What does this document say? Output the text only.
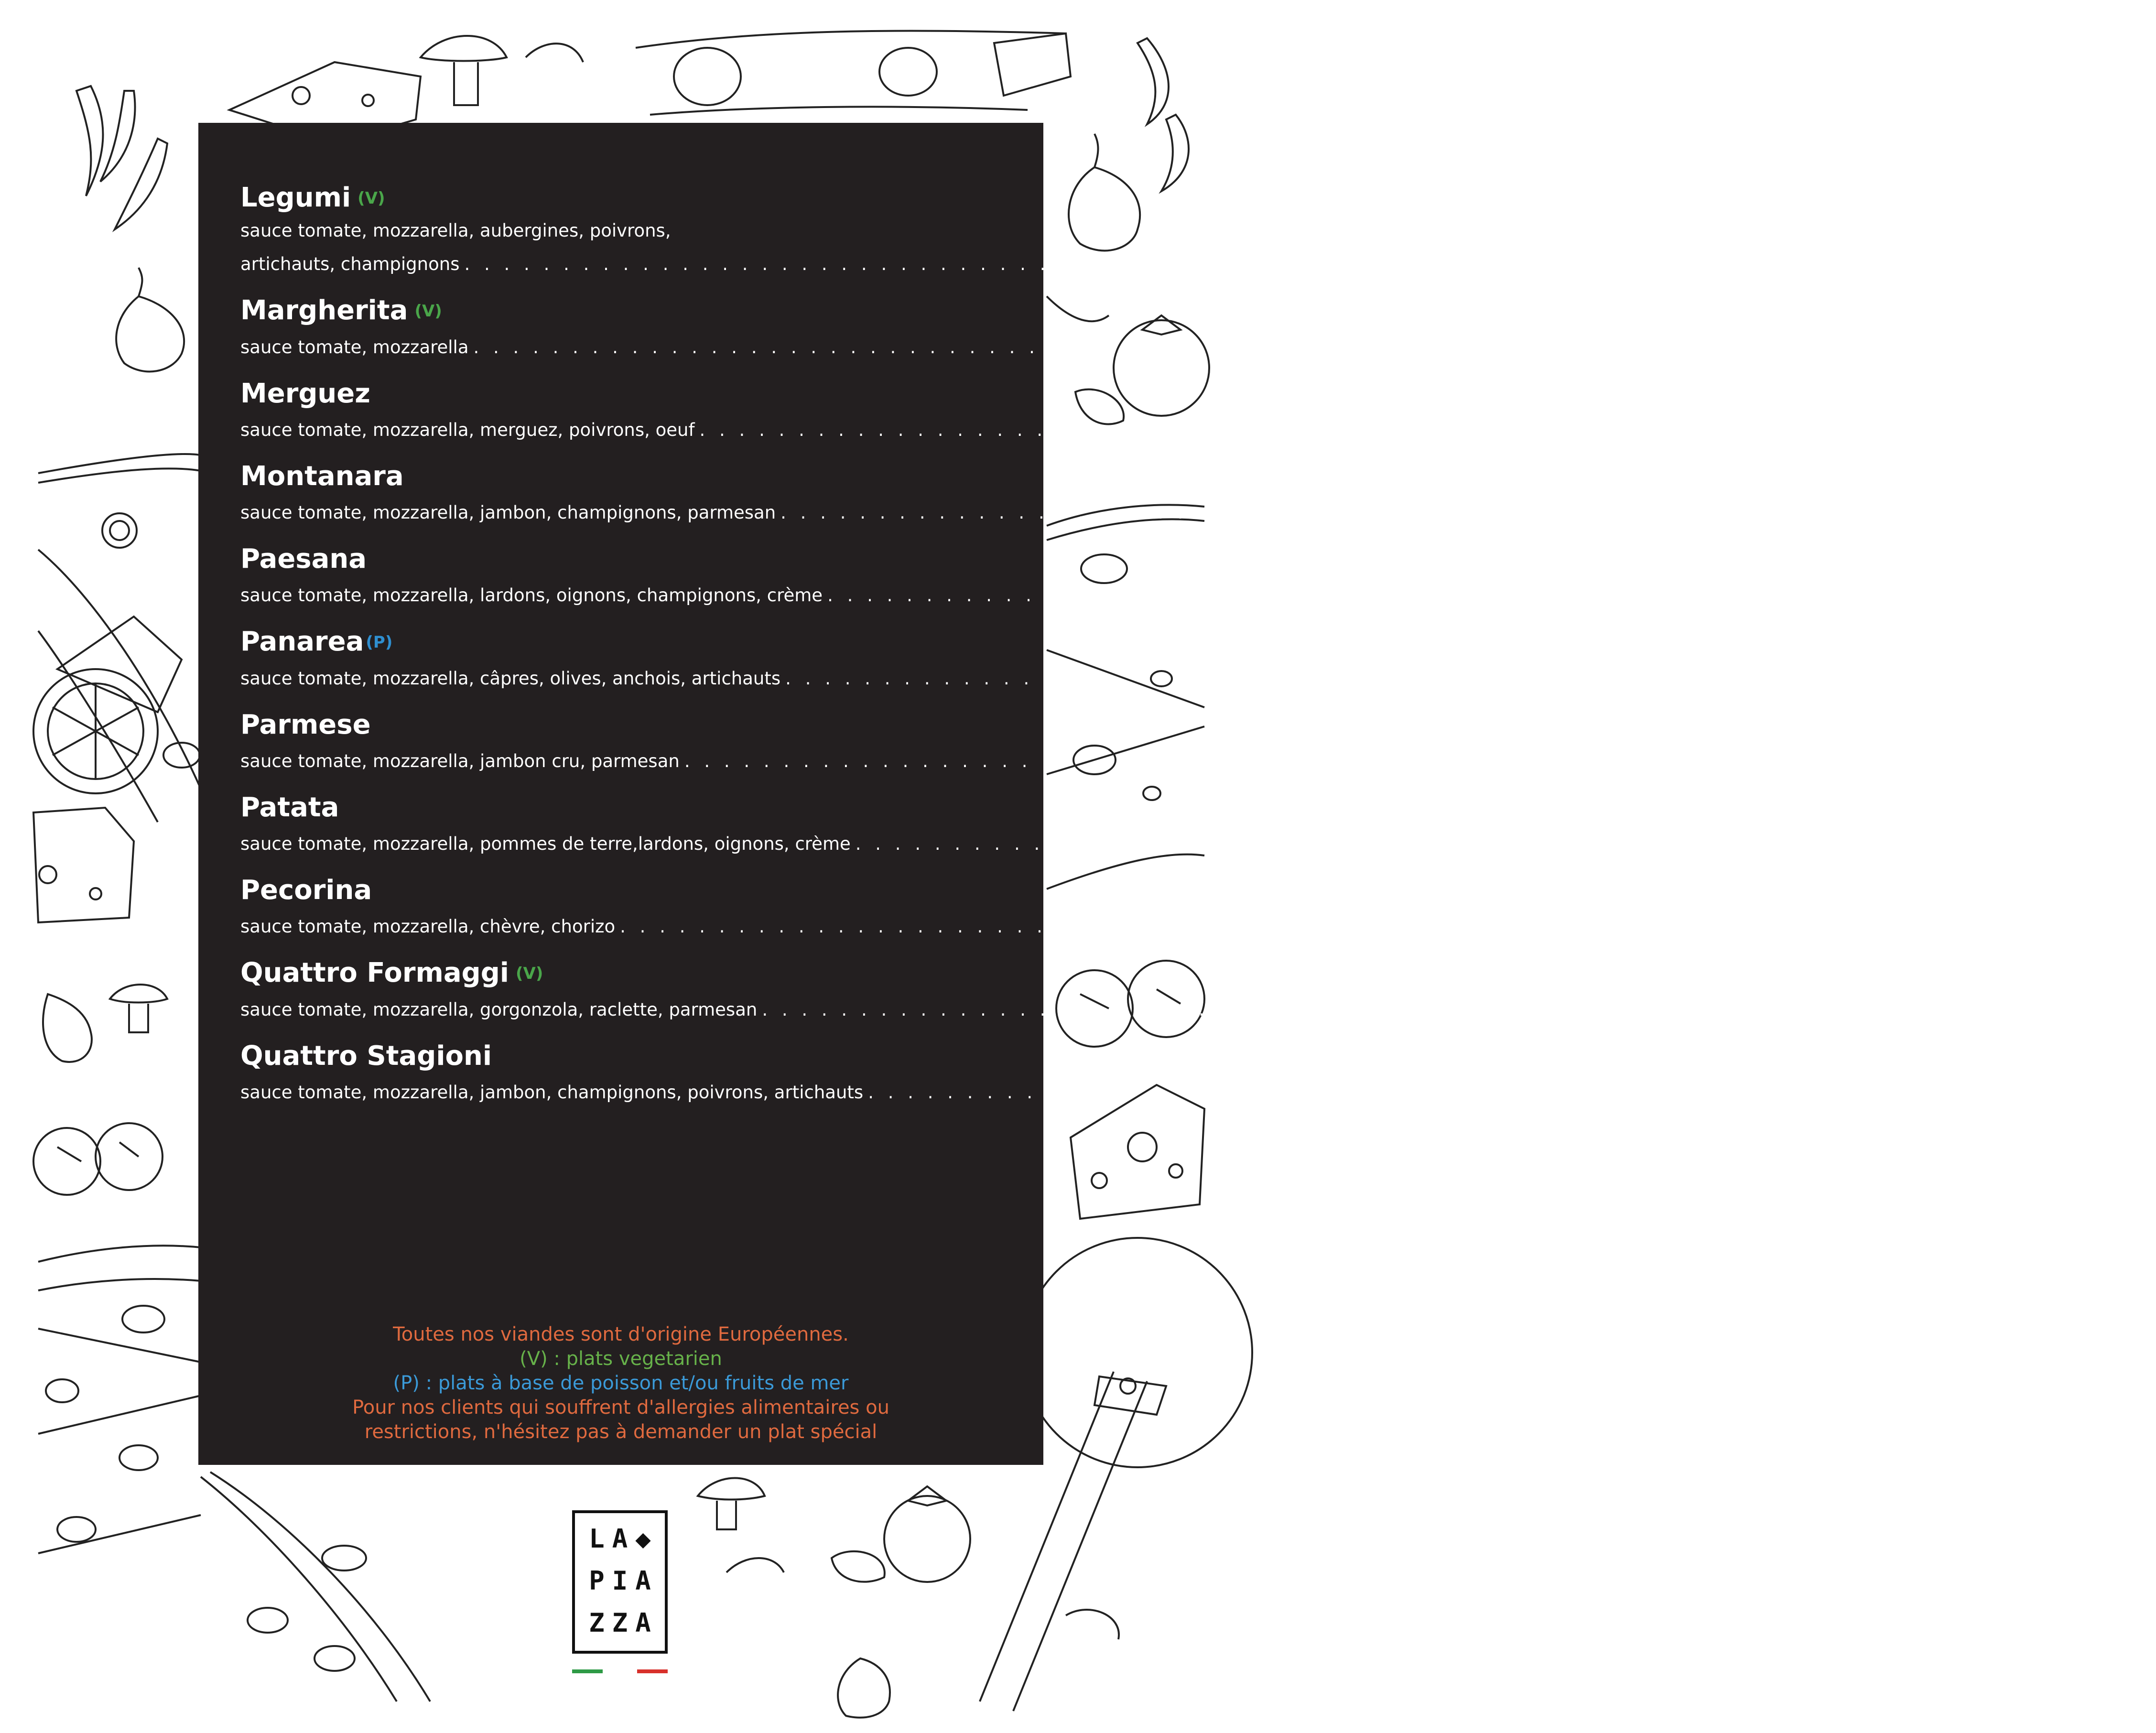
Legumi (V)
sauce tomate, mozzarella, aubergines, poivrons,
artichauts, champignons . . . . . . . . . . . . . . . . . . . . . . . . . . . . . . . . . . . . . . . . . . . . . . . . . . . . . . . . . . . . 10,00 €
Margherita (V)
sauce tomate, mozzarella . . . . . . . . . . . . . . . . . . . . . . . . . . . . . . . . . . . . . . . . . . . . . . . . . . . . . . . . . . . . 7,50 €
Merguez
sauce tomate, mozzarella, merguez, poivrons, oeuf . . . . . . . . . . . . . . . . . . . . . . . . . . . . . . . . . . . . . . . . . . . . . . . . . . . . . . . . . . . . 10,50 €
Montanara
sauce tomate, mozzarella, jambon, champignons, parmesan . . . . . . . . . . . . . . . . . . . . . . . . . . . . . . . . . . . . . . . . . . . . . . . . . . . . . . . . . . . . 10,00 €
Paesana
sauce tomate, mozzarella, lardons, oignons, champignons, crème . . . . . . . . . . . . . . . . . . . . . . . . . . . . . . . . . . . . . . . . . . . . . . . . . . . . . . . . . . . . 10,00 €
Panarea (P)
sauce tomate, mozzarella, câpres, olives, anchois, artichauts . . . . . . . . . . . . . . . . . . . . . . . . . . . . . . . . . . . . . . . . . . . . . . . . . . . . . . . . . . . . 10,00 €
Parmese
sauce tomate, mozzarella, jambon cru, parmesan . . . . . . . . . . . . . . . . . . . . . . . . . . . . . . . . . . . . . . . . . . . . . . . . . . . . . . . . . . . . 10,50 €
Patata
sauce tomate, mozzarella, pommes de terre,lardons, oignons, crème . . . . . . . . . . . . . . . . . . . . . . . . . . . . . . . . . . . . . . . . . . . . . . . . . . . . . . . . . . . . 10,00 €
Pecorina
sauce tomate, mozzarella, chèvre, chorizo . . . . . . . . . . . . . . . . . . . . . . . . . . . . . . . . . . . . . . . . . . . . . . . . . . . . . . . . . . . . 9,50 €
Quattro Formaggi (V)
sauce tomate, mozzarella, gorgonzola, raclette, parmesan . . . . . . . . . . . . . . . . . . . . . . . . . . . . . . . . . . . . . . . . . . . . . . . . . . . . . . . . . . . . 10,50 €
Quattro Stagioni
sauce tomate, mozzarella, jambon, champignons, poivrons, artichauts . . . . . . . . . . . . . . . . . . . . . . . . . . . . . . . . . . . . . . . . . . . . . . . . . . . . . . . . . . . . 10,00 €
Toutes nos viandes sont d'origine Européennes.
(V) : plats vegetarien
(P) : plats à base de poisson et/ou fruits de mer
Pour nos clients qui souffrent d'allergies alimentaires ou
restrictions, n'hésitez pas à demander un plat spécial
LA◆
PIA
ZZA
